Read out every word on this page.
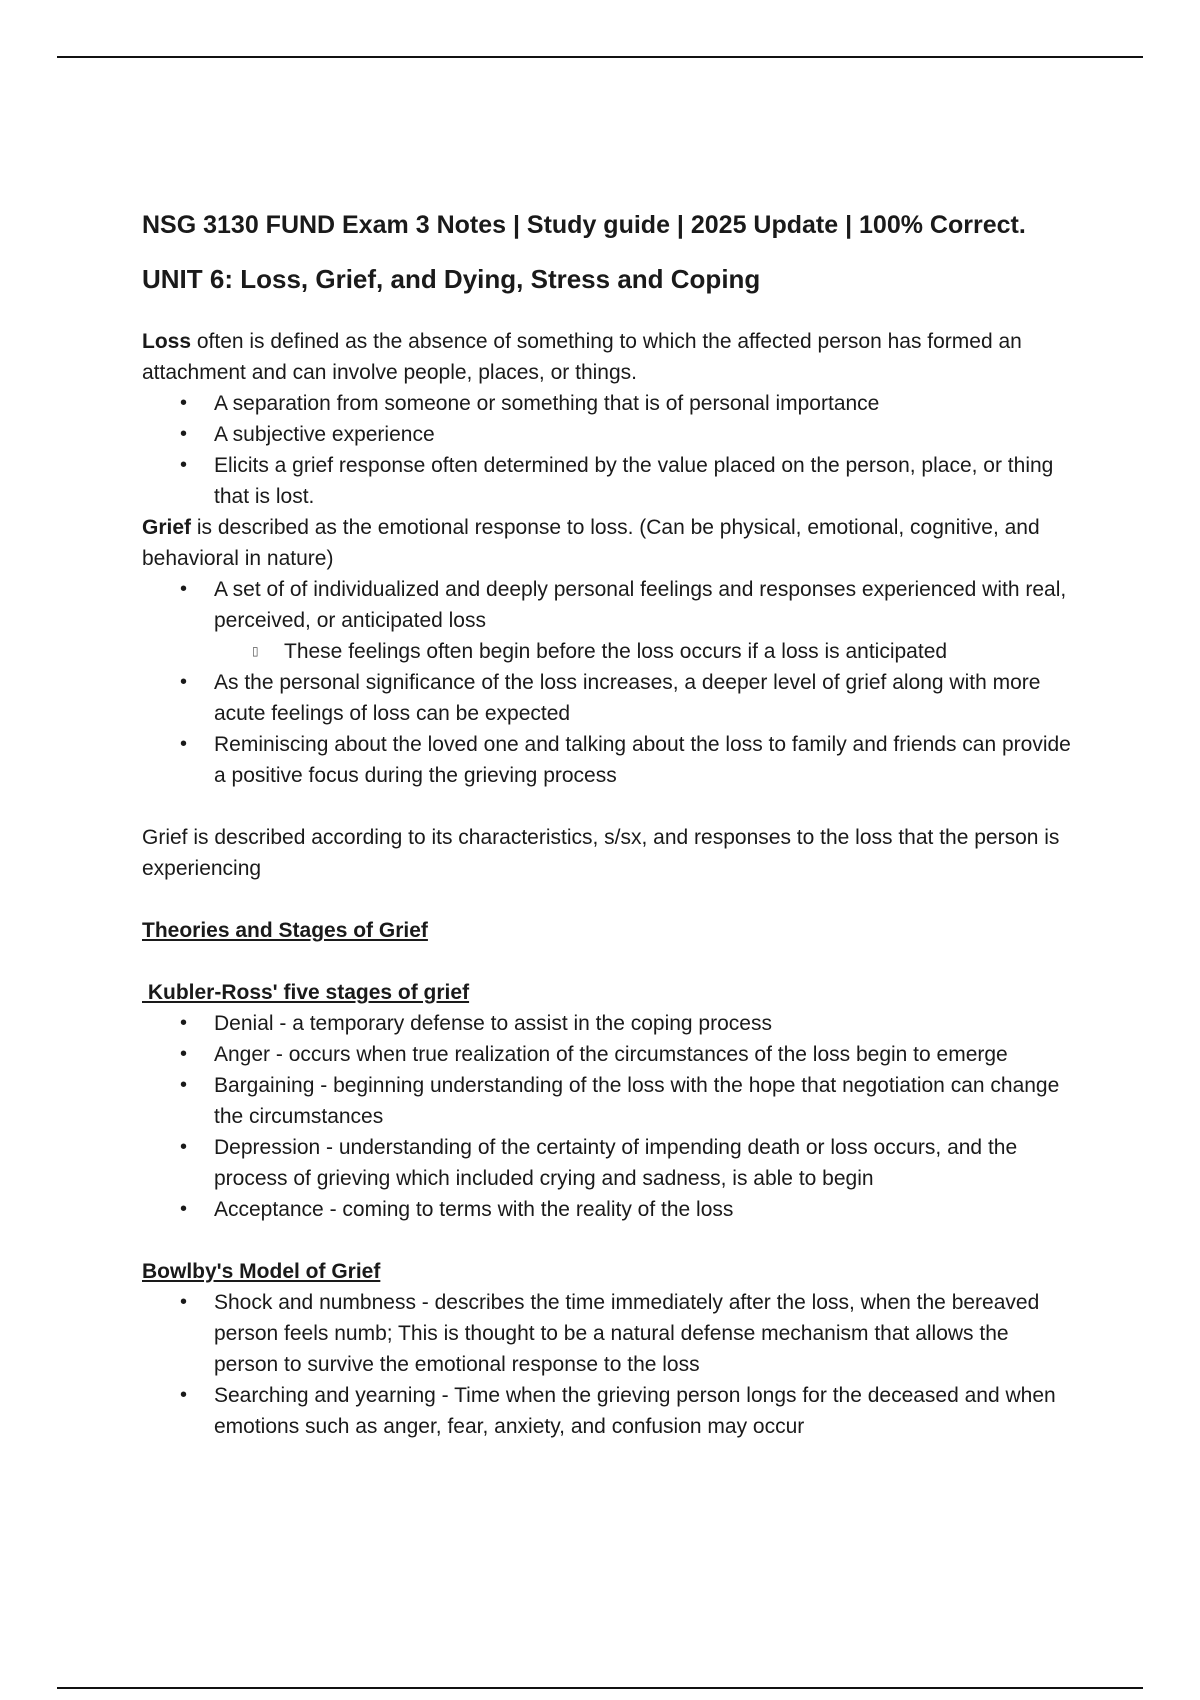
NSG 3130 FUND Exam 3 Notes | Study guide | 2025 Update | 100% Correct.
UNIT 6: Loss, Grief, and Dying, Stress and Coping

Loss often is defined as the absence of something to which the affected person has formed an attachment and can involve people, places, or things.

• A separation from someone or something that is of personal importance
• A subjective experience
• Elicits a grief response often determined by the value placed on the person, place, or thing that is lost.

Grief is described as the emotional response to loss. (Can be physical, emotional, cognitive, and behavioral in nature)

• A set of of individualized and deeply personal feelings and responses experienced with real, perceived, or anticipated loss
▯ These feelings often begin before the loss occurs if a loss is anticipated
• As the personal significance of the loss increases, a deeper level of grief along with more acute feelings of loss can be expected
• Reminiscing about the loved one and talking about the loss to family and friends can provide a positive focus during the grieving process

Grief is described according to its characteristics, s/sx, and responses to the loss that the person is experiencing

Theories and Stages of Grief
Kubler-Ross' five stages of grief
• Denial - a temporary defense to assist in the coping process
• Anger - occurs when true realization of the circumstances of the loss begin to emerge
• Bargaining - beginning understanding of the loss with the hope that negotiation can change the circumstances
• Depression - understanding of the certainty of impending death or loss occurs, and the process of grieving which included crying and sadness, is able to begin
• Acceptance - coming to terms with the reality of the loss
Bowlby's Model of Grief
• Shock and numbness - describes the time immediately after the loss, when the bereaved person feels numb; This is thought to be a natural defense mechanism that allows the person to survive the emotional response to the loss
• Searching and yearning - Time when the grieving person longs for the deceased and when emotions such as anger, fear, anxiety, and confusion may occur
